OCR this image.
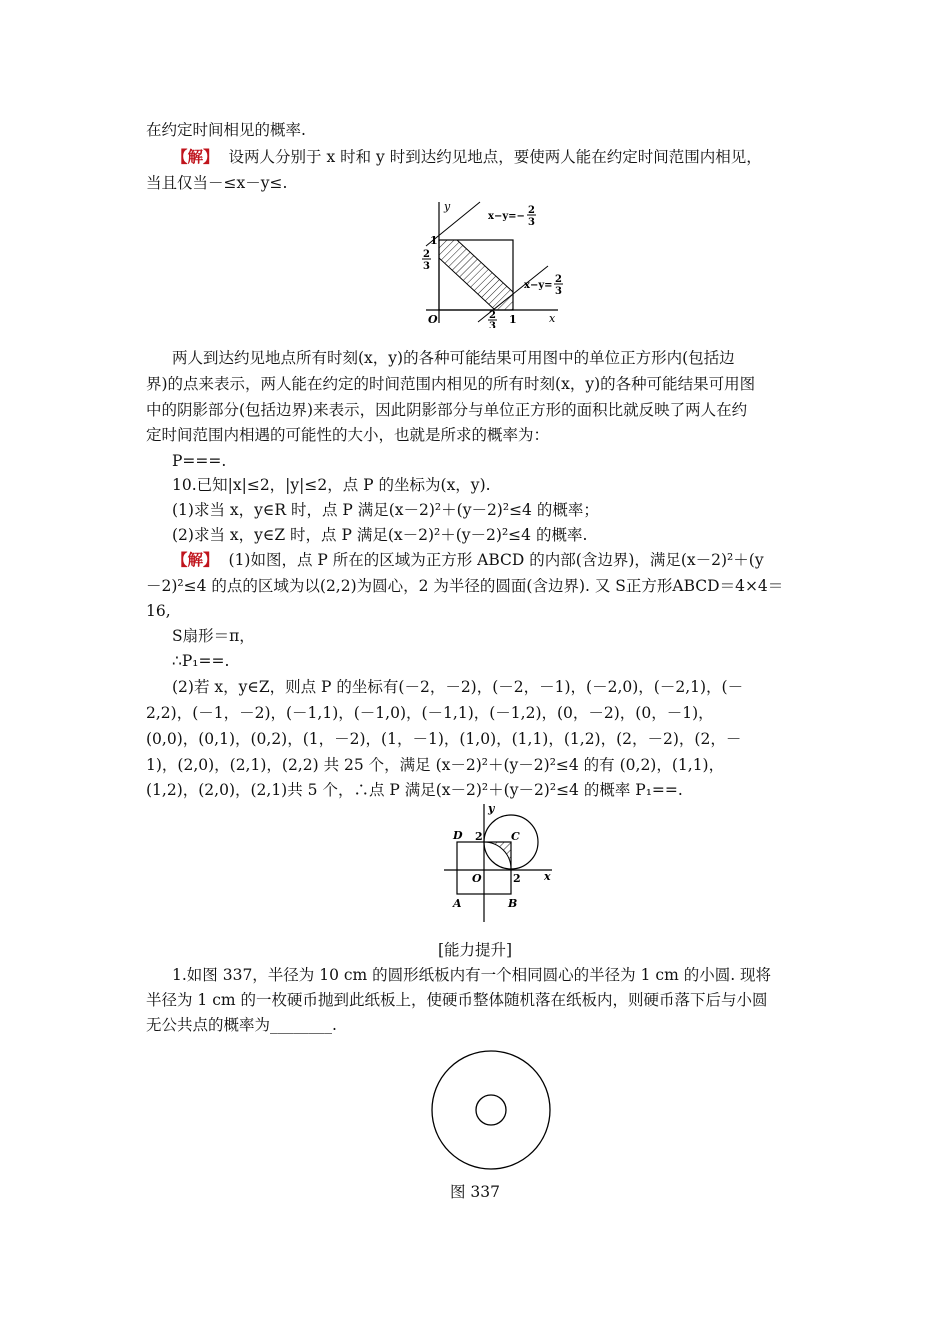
在约定时间相见的概率.
【解】 设两人分别于 x 时和 y 时到达约见地点，要使两人能在约定时间范围内相见，
当且仅当－≤x－y≤.
y
x
O
1
1
2
3
2
3
x−y=−
2
3
x−y=
2
3
两人到达约见地点所有时刻(x，y)的各种可能结果可用图中的单位正方形内(包括边
界)的点来表示，两人能在约定的时间范围内相见的所有时刻(x，y)的各种可能结果可用图
中的阴影部分(包括边界)来表示，因此阴影部分与单位正方形的面积比就反映了两人在约
定时间范围内相遇的可能性的大小，也就是所求的概率为：
P===.
10.已知|x|≤2，|y|≤2，点 P 的坐标为(x，y).
(1)求当 x，y∈R 时，点 P 满足(x－2)²＋(y－2)²≤4 的概率；
(2)求当 x，y∈Z 时，点 P 满足(x－2)²＋(y－2)²≤4 的概率.
【解】 (1)如图，点 P 所在的区域为正方形 ABCD 的内部(含边界)，满足(x－2)²＋(y
－2)²≤4 的点的区域为以(2,2)为圆心，2 为半径的圆面(含边界). 又 S正方形ABCD＝4×4＝
16,
S扇形＝π，
∴P₁==.
(2)若 x，y∈Z，则点 P 的坐标有(－2，－2)，(－2，－1)，(－2,0)，(－2,1)，(－
2,2)，(－1，－2)，(－1,1)，(－1,0)，(－1,1)，(－1,2)，(0，－2)，(0，－1)，
(0,0)，(0,1)，(0,2)，(1，－2)，(1，－1)，(1,0)，(1,1)，(1,2)，(2，－2)，(2，－
1)，(2,0)，(2,1)，(2,2) 共 25 个，满足 (x－2)²＋(y－2)²≤4 的有 (0,2)，(1,1)，
(1,2)，(2,0)，(2,1)共 5 个，∴点 P 满足(x－2)²＋(y－2)²≤4 的概率 P₁==.
y
x
O
2
2
D	C
A	B
[能力提升]
1.如图 337，半径为 10 cm 的圆形纸板内有一个相同圆心的半径为 1 cm 的小圆. 现将
半径为 1 cm 的一枚硬币抛到此纸板上，使硬币整体随机落在纸板内，则硬币落下后与小圆
无公共点的概率为________.
图 337
